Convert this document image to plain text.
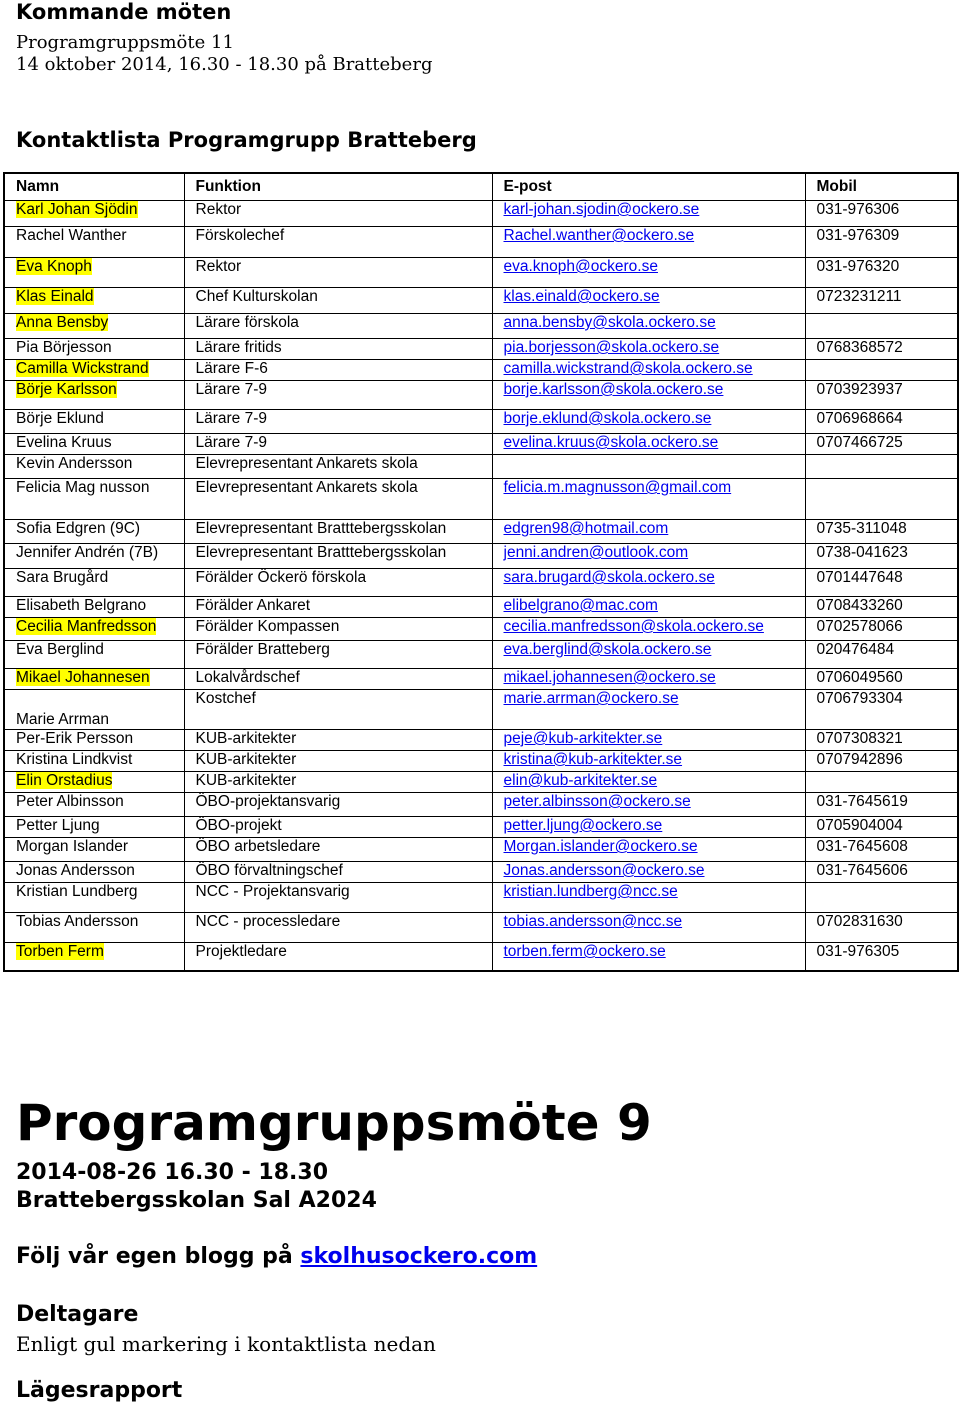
Kommande möten
Programgruppsmöte 11
14 oktober 2014, 16.30 - 18.30 på Bratteberg
Kontaktlista Programgrupp Bratteberg
Namn	Funktion	E-post	Mobil
Karl Johan Sjödin	Rektor	karl-johan.sjodin@ockero.se	031-976306
Rachel Wanther	Förskolechef	Rachel.wanther@ockero.se	031-976309
Eva Knoph	Rektor	eva.knoph@ockero.se	031-976320
Klas Einald	Chef Kulturskolan	klas.einald@ockero.se	0723231211
Anna Bensby	Lärare förskola	anna.bensby@skola.ockero.se	
Pia Börjesson	Lärare fritids	pia.borjesson@skola.ockero.se	0768368572
Camilla Wickstrand	Lärare F-6	camilla.wickstrand@skola.ockero.se	
Börje Karlsson	Lärare 7-9	borje.karlsson@skola.ockero.se	0703923937
Börje Eklund	Lärare 7-9	borje.eklund@skola.ockero.se	0706968664
Evelina Kruus	Lärare 7-9	evelina.kruus@skola.ockero.se	0707466725
Kevin Andersson	Elevrepresentant Ankarets skola		
Felicia Mag nusson	Elevrepresentant Ankarets skola	felicia.m.magnusson@gmail.com	
Sofia Edgren (9C)	Elevrepresentant Bratttebergsskolan	edgren98@hotmail.com	0735-311048
Jennifer Andrén (7B)	Elevrepresentant Bratttebergsskolan	jenni.andren@outlook.com	0738-041623
Sara Brugård	Förälder Öckerö förskola	sara.brugard@skola.ockero.se	0701447648
Elisabeth Belgrano	Förälder Ankaret	elibelgrano@mac.com	0708433260
Cecilia Manfredsson	Förälder Kompassen	cecilia.manfredsson@skola.ockero.se	0702578066
Eva Berglind	Förälder Bratteberg	eva.berglind@skola.ockero.se	020476484
Mikael Johannesen	Lokalvårdschef	mikael.johannesen@ockero.se	0706049560
Marie Arrman	Kostchef	marie.arrman@ockero.se	0706793304
Per-Erik Persson	KUB-arkitekter	peje@kub-arkitekter.se	0707308321
Kristina Lindkvist	KUB-arkitekter	kristina@kub-arkitekter.se	0707942896
Elin Orstadius	KUB-arkitekter	elin@kub-arkitekter.se	
Peter Albinsson	ÖBO-projektansvarig	peter.albinsson@ockero.se	031-7645619
Petter Ljung	ÖBO-projekt	petter.ljung@ockero.se	0705904004
Morgan Islander	ÖBO arbetsledare	Morgan.islander@ockero.se	031-7645608
Jonas Andersson	ÖBO förvaltningschef	Jonas.andersson@ockero.se	031-7645606
Kristian Lundberg	NCC - Projektansvarig	kristian.lundberg@ncc.se	
Tobias Andersson	NCC - processledare	tobias.andersson@ncc.se	0702831630
Torben Ferm	Projektledare	torben.ferm@ockero.se	031-976305
Programgruppsmöte 9
2014-08-26 16.30 - 18.30
Brattebergsskolan Sal A2024
Följ vår egen blogg på skolhusockero.com
Deltagare
Enligt gul markering i kontaktlista nedan
Lägesrapport
